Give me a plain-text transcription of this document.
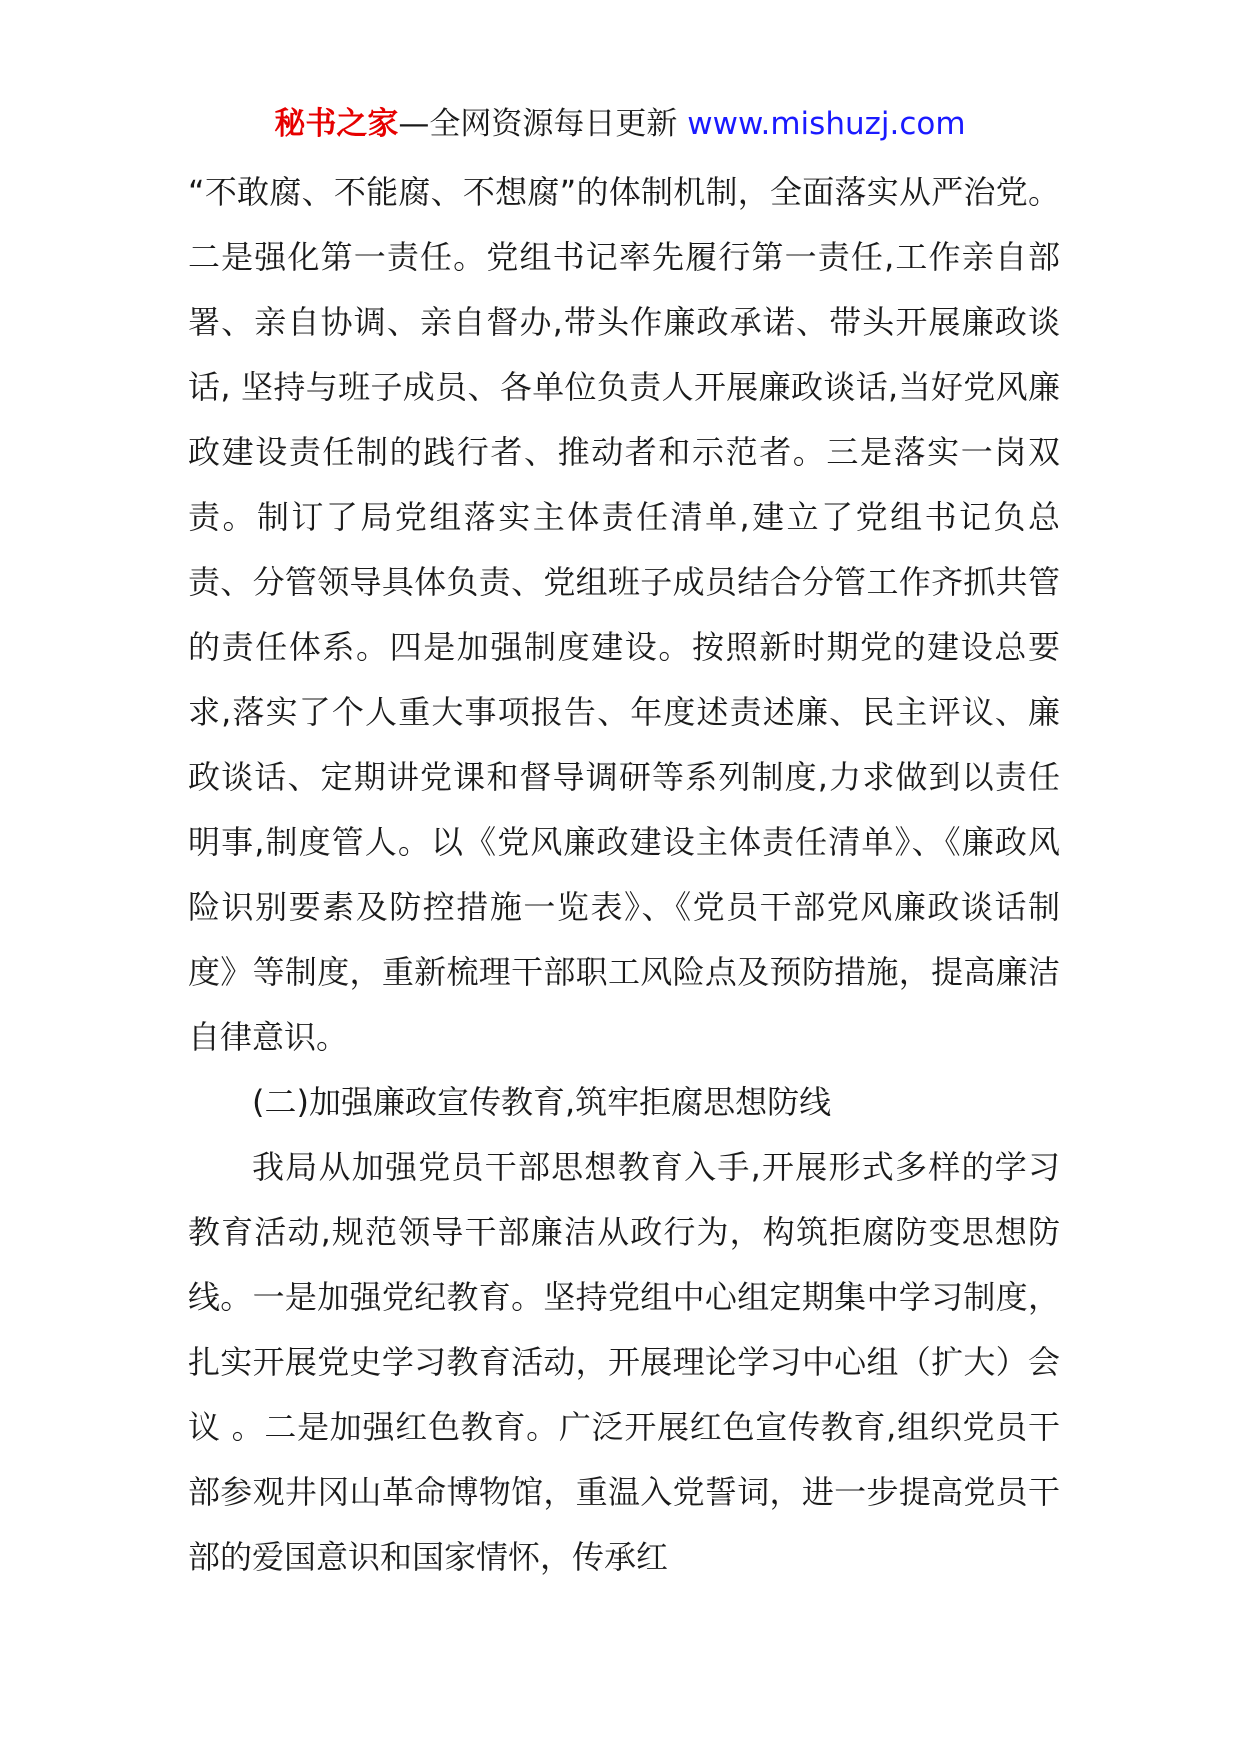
秘书之家—全网资源每日更新 www.mishuzj.com

“不敢腐、不能腐、不想腐”的体制机制，全面落实从严治党。二是强化第一责任。党组书记率先履行第一责任,工作亲自部署、亲自协调、亲自督办,带头作廉政承诺、带头开展廉政谈话, 坚持与班子成员、各单位负责人开展廉政谈话,当好党风廉政建设责任制的践行者、推动者和示范者。三是落实一岗双责。制订了局党组落实主体责任清单,建立了党组书记负总责、分管领导具体负责、党组班子成员结合分管工作齐抓共管的责任体系。四是加强制度建设。按照新时期党的建设总要求,落实了个人重大事项报告、年度述责述廉、民主评议、廉政谈话、定期讲党课和督导调研等系列制度,力求做到以责任明事,制度管人。以《党风廉政建设主体责任清单》、《廉政风险识别要素及防控措施一览表》、《党员干部党风廉政谈话制度》等制度，重新梳理干部职工风险点及预防措施，提高廉洁自律意识。

(二)加强廉政宣传教育,筑牢拒腐思想防线

我局从加强党员干部思想教育入手,开展形式多样的学习教育活动,规范领导干部廉洁从政行为，构筑拒腐防变思想防线。一是加强党纪教育。坚持党组中心组定期集中学习制度，扎实开展党史学习教育活动，开展理论学习中心组（扩大）会议 。二是加强红色教育。广泛开展红色宣传教育,组织党员干部参观井冈山革命博物馆，重温入党誓词，进一步提高党员干部的爱国意识和国家情怀，传承红
